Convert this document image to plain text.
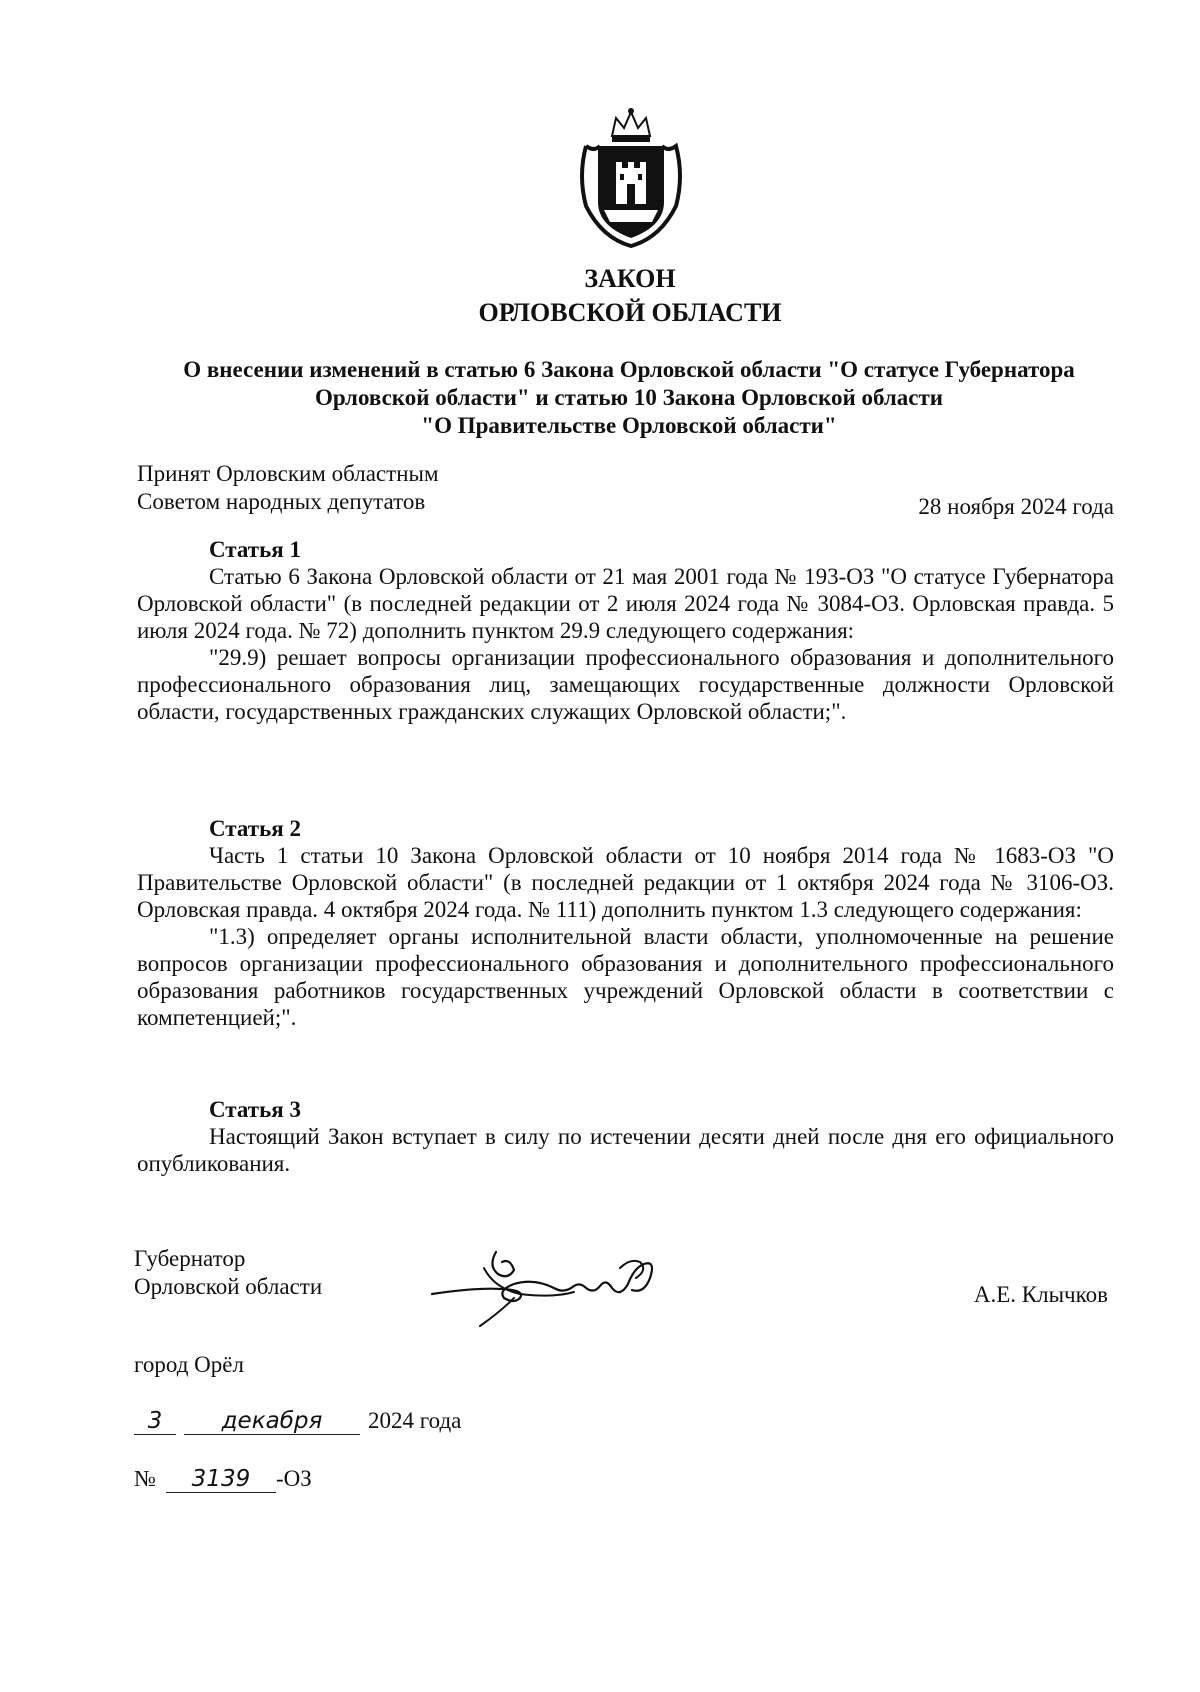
ЗАКОН
ОРЛОВСКОЙ ОБЛАСТИ
О внесении изменений в статью 6 Закона Орловской области "О статусе Губернатора
Орловской области" и статью 10 Закона Орловской области
"О Правительстве Орловской области"
Принят Орловским областным
Советом народных депутатов	28 ноября 2024 года
Статья 1

Статью 6 Закона Орловской области от 21 мая 2001 года № 193-ОЗ "О статусе Губернатора Орловской области" (в последней редакции от 2 июля 2024 года № 3084-ОЗ. Орловская правда. 5 июля 2024 года. № 72) дополнить пунктом 29.9 следующего содержания:

"29.9) решает вопросы организации профессионального образования и дополнительного профессионального образования лиц, замещающих государственные должности Орловской области, государственных гражданских служащих Орловской области;".

Статья 2

Часть 1 статьи 10 Закона Орловской области от 10 ноября 2014 года № 1683-ОЗ "О Правительстве Орловской области" (в последней редакции от 1 октября 2024 года № 3106-ОЗ. Орловская правда. 4 октября 2024 года. № 111) дополнить пунктом 1.3 следующего содержания:

"1.3) определяет органы исполнительной власти области, уполномоченные на решение вопросов организации профессионального образования и дополнительного профессионального образования работников государственных учреждений Орловской области в соответствии с компетенцией;".

Статья 3

Настоящий Закон вступает в силу по истечении десяти дней после дня его официального опубликования.

Губернатор
Орловской области	А.Е. Клычков
город Орёл
3	декабря 2024 года
№ 3139 -ОЗ
